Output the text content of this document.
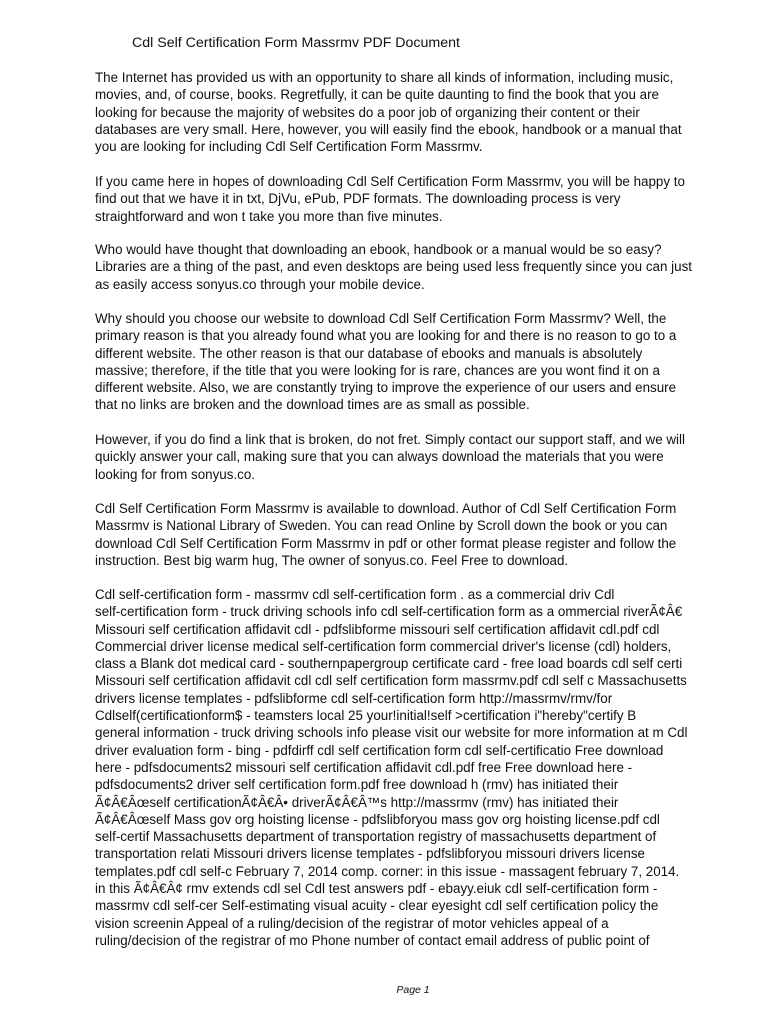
Cdl Self Certification Form Massrmv PDF Document
The Internet has provided us with an opportunity to share all kinds of information, including music,
movies, and, of course, books. Regretfully, it can be quite daunting to find the book that you are
looking for because the majority of websites do a poor job of organizing their content or their
databases are very small. Here, however, you will easily find the ebook, handbook or a manual that
you are looking for including Cdl Self Certification Form Massrmv.
If you came here in hopes of downloading Cdl Self Certification Form Massrmv, you will be happy to
find out that we have it in txt, DjVu, ePub, PDF formats. The downloading process is very
straightforward and won t take you more than five minutes.
Who would have thought that downloading an ebook, handbook or a manual would be so easy?
Libraries are a thing of the past, and even desktops are being used less frequently since you can just
as easily access sonyus.co through your mobile device.
Why should you choose our website to download Cdl Self Certification Form Massrmv? Well, the
primary reason is that you already found what you are looking for and there is no reason to go to a
different website. The other reason is that our database of ebooks and manuals is absolutely
massive; therefore, if the title that you were looking for is rare, chances are you wont find it on a
different website. Also, we are constantly trying to improve the experience of our users and ensure
that no links are broken and the download times are as small as possible.
However, if you do find a link that is broken, do not fret. Simply contact our support staff, and we will
quickly answer your call, making sure that you can always download the materials that you were
looking for from sonyus.co.
Cdl Self Certification Form Massrmv is available to download. Author of Cdl Self Certification Form
Massrmv is National Library of Sweden. You can read Online by Scroll down the book or you can
download Cdl Self Certification Form Massrmv in pdf or other format please register and follow the
instruction. Best big warm hug, The owner of sonyus.co. Feel Free to download.
Cdl self-certification form - massrmv cdl self-certification form . as a commercial driv Cdl
self-certification form - truck driving schools info cdl self-certification form as a ommercial riverÃ¢Â€
Missouri self certification affidavit cdl - pdfslibforme missouri self certification affidavit cdl.pdf cdl
Commercial driver license medical self-certification form commercial driver's license (cdl) holders,
class a Blank dot medical card - southernpapergroup certificate card - free load boards cdl self certi
Missouri self certification affidavit cdl cdl self certification form massrmv.pdf cdl self c Massachusetts
drivers license templates - pdfslibforme cdl self-certification form http://massrmv/rmv/for
Cdlself(certificationform$ - teamsters local 25 your!initial!self >certification i"hereby"certify B
general information - truck driving schools info please visit our website for more information at m Cdl
driver evaluation form - bing - pdfdirff cdl self certification form cdl self-certificatio Free download
here - pdfsdocuments2 missouri self certification affidavit cdl.pdf free Free download here -
pdfsdocuments2 driver self certification form.pdf free download h (rmv) has initiated their
Ã¢Â€Âœself certificationÃ¢Â€Â• driverÃ¢Â€Â™s http://massrmv (rmv) has initiated their
Ã¢Â€Âœself Mass gov org hoisting license - pdfslibforyou mass gov org hoisting license.pdf cdl
self-certif Massachusetts department of transportation registry of massachusetts department of
transportation relati Missouri drivers license templates - pdfslibforyou missouri drivers license
templates.pdf cdl self-c February 7, 2014 comp. corner: in this issue - massagent february 7, 2014.
in this Ã¢Â€Â¢ rmv extends cdl sel Cdl test answers pdf - ebayy.eiuk cdl self-certification form -
massrmv cdl self-cer Self-estimating visual acuity - clear eyesight cdl self certification policy the
vision screenin Appeal of a ruling/decision of the registrar of motor vehicles appeal of a
ruling/decision of the registrar of mo Phone number of contact email address of public point of

Page 1
